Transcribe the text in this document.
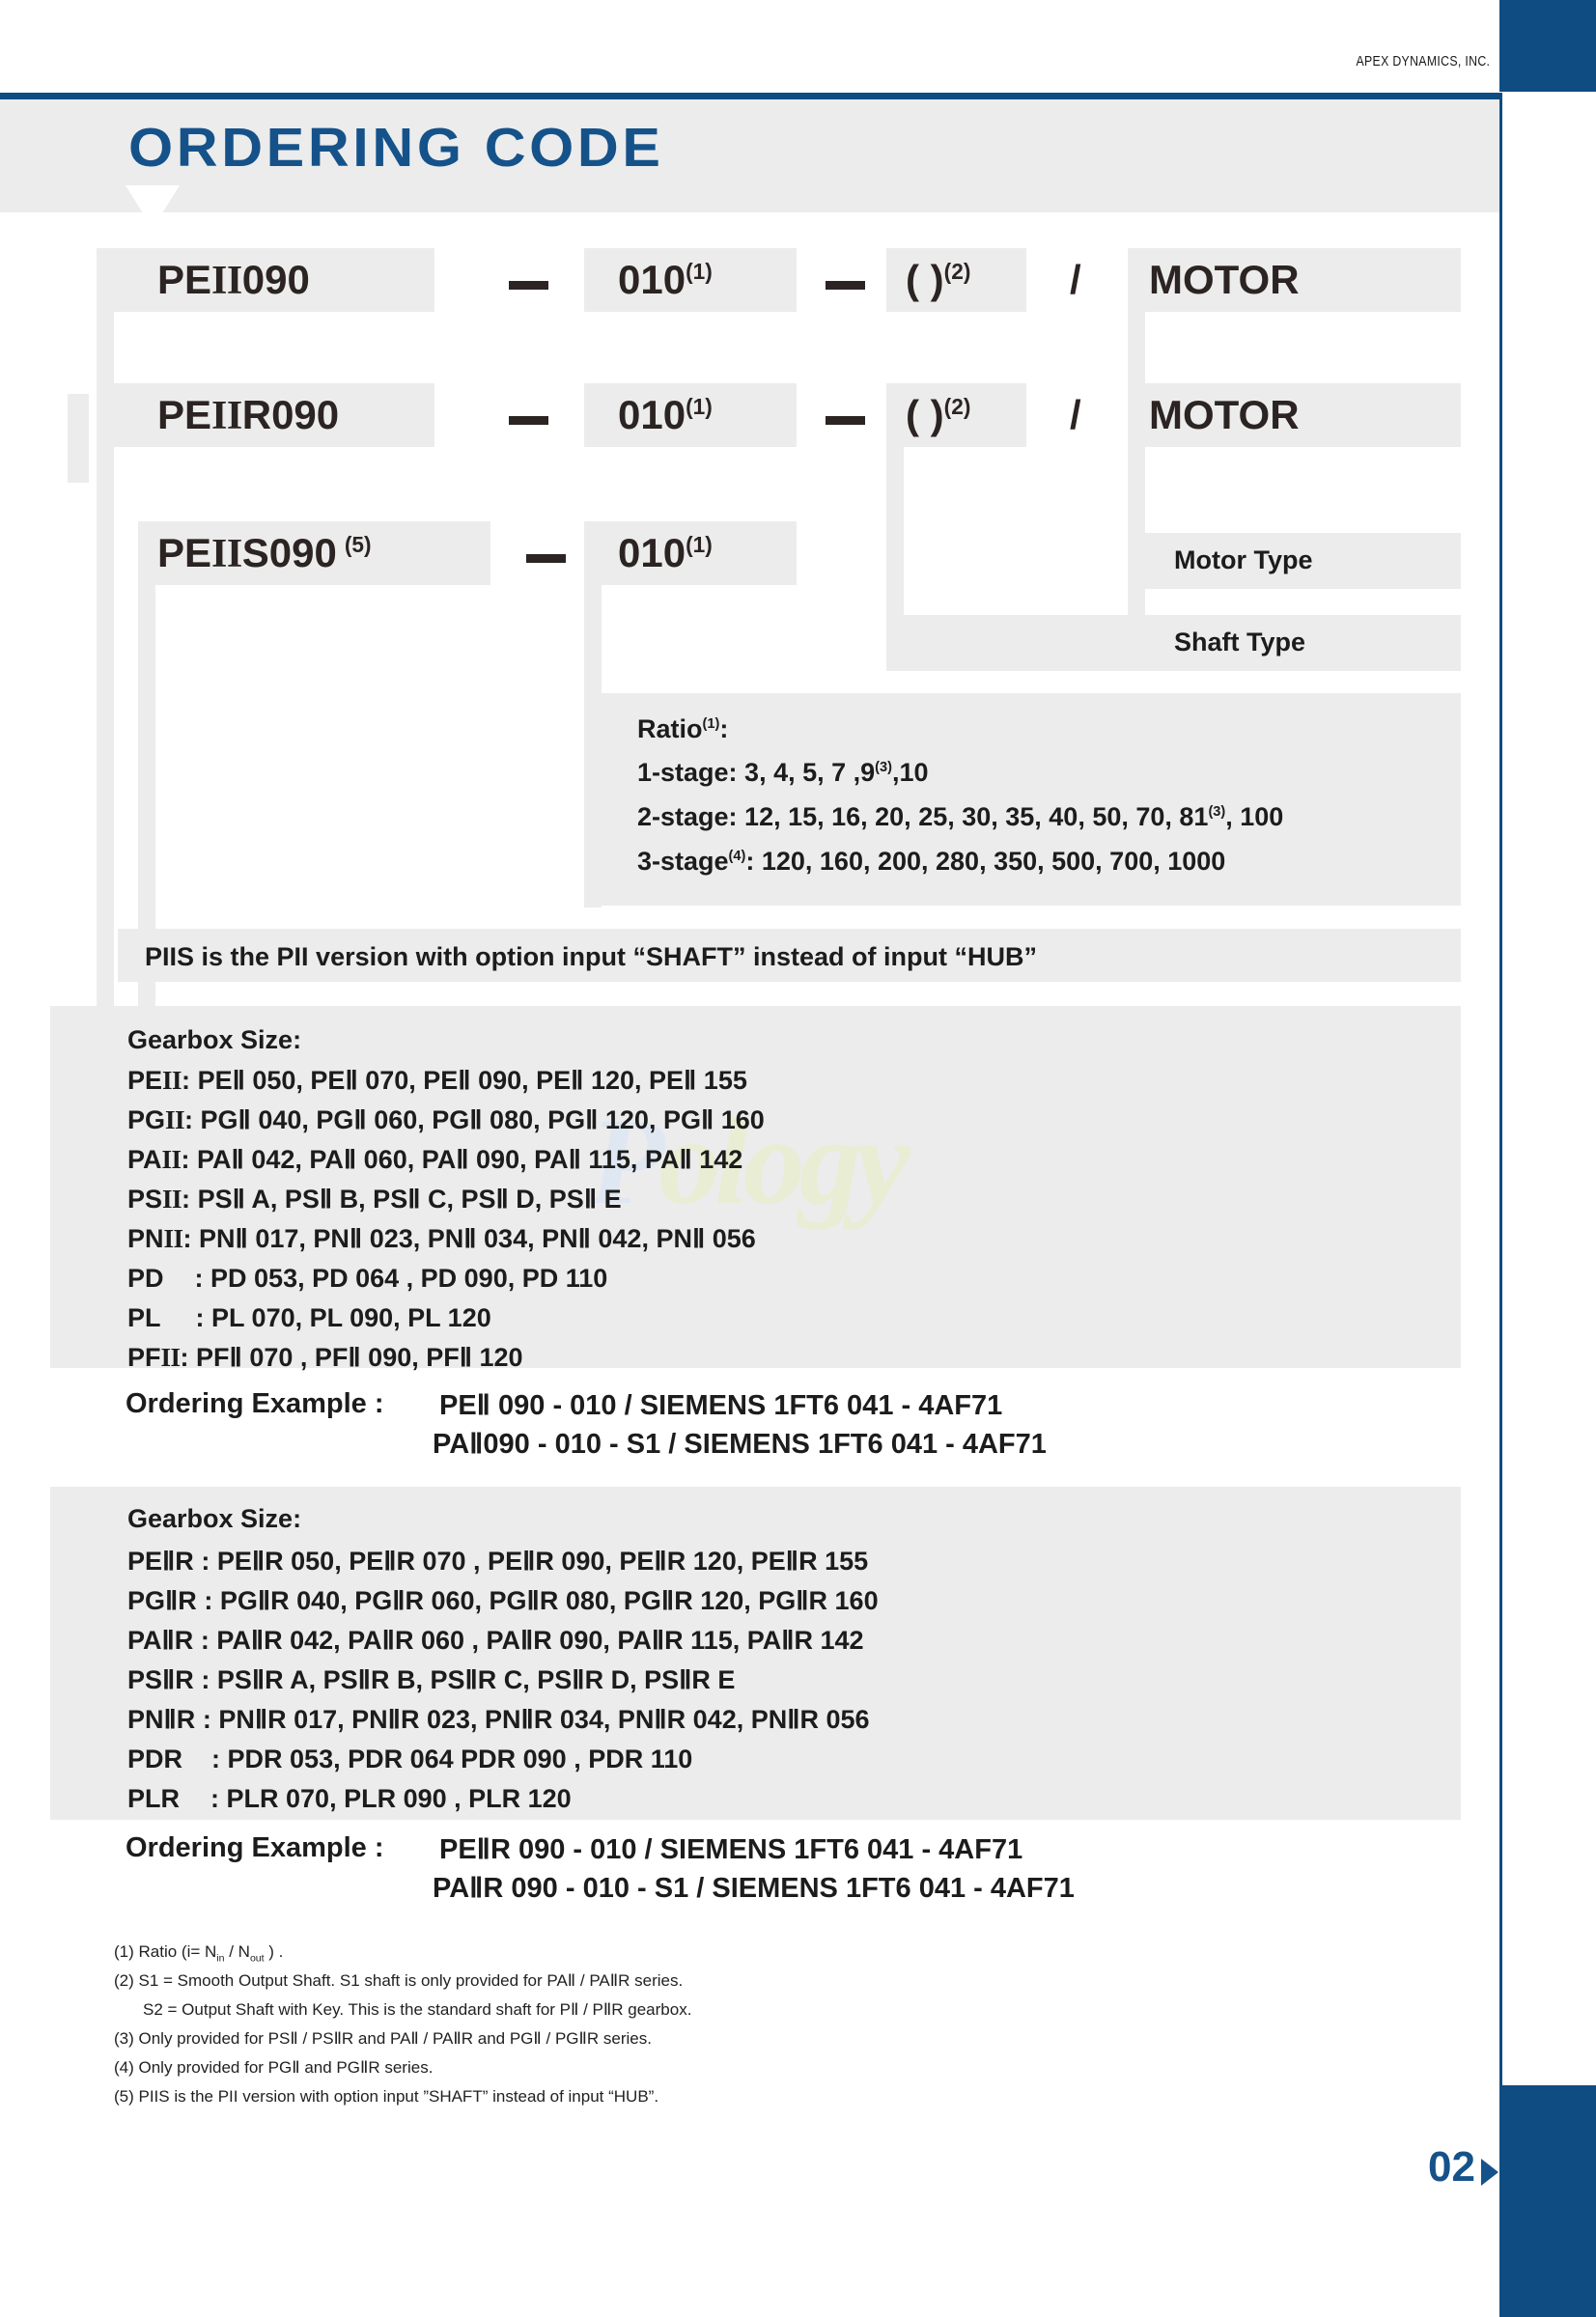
APEX DYNAMICS, INC.
ORDERING CODE
Pology
PEII090	010$^{(1)}$	( )$^{(2)}$ / MOTOR
PEIIR090	010$^{(1)}$	( )$^{(2)}$ / MOTOR
PEIIS090 $^{(5)}$	010$^{(1)}$
Motor Type
Shaft Type
Ratio$^{(1)}$:
1-stage: 3, 4, 5, 7 ,9$^{(3)}$,10
2-stage: 12, 15, 16, 20, 25, 30, 35, 40, 50, 70, 81$^{(3)}$, 100
3-stage$^{(4)}$: 120, 160, 200, 280, 350, 500, 700, 1000
PIIS is the PII version with option input “SHAFT” instead of input “HUB”
Gearbox Size:
PEII: PEⅡ 050, PEⅡ 070, PEⅡ 090, PEⅡ 120, PEⅡ 155
PGII: PGⅡ 040, PGⅡ 060, PGⅡ 080, PGⅡ 120, PGⅡ 160
PAII: PAⅡ 042, PAⅡ 060, PAⅡ 090, PAⅡ 115, PAⅡ 142
PSII: PSⅡ A, PSⅡ B, PSⅡ C, PSⅡ D, PSⅡ E
PNII: PNⅡ 017, PNⅡ 023, PNⅡ 034, PNⅡ 042, PNⅡ 056
PD : PD 053, PD 064 , PD 090, PD 110
PL : PL 070, PL 090, PL 120
PFII: PFⅡ 070 , PFⅡ 090, PFⅡ 120
Ordering Example : PEⅡ 090 - 010 / SIEMENS 1FT6 041 - 4AF71
PAⅡ090 - 010 - S1 / SIEMENS 1FT6 041 - 4AF71
Gearbox Size:
PEⅡR : PEⅡR 050, PEⅡR 070 , PEⅡR 090, PEⅡR 120, PEⅡR 155
PGⅡR : PGⅡR 040, PGⅡR 060, PGⅡR 080, PGⅡR 120, PGⅡR 160
PAⅡR : PAⅡR 042, PAⅡR 060 , PAⅡR 090, PAⅡR 115, PAⅡR 142
PSⅡR : PSⅡR A, PSⅡR B, PSⅡR C, PSⅡR D, PSⅡR E
PNⅡR : PNⅡR 017, PNⅡR 023, PNⅡR 034, PNⅡR 042, PNⅡR 056
PDR : PDR 053, PDR 064 PDR 090 , PDR 110
PLR : PLR 070, PLR 090 , PLR 120
Ordering Example : PEⅡR 090 - 010 / SIEMENS 1FT6 041 - 4AF71
PAⅡR 090 - 010 - S1 / SIEMENS 1FT6 041 - 4AF71
(1) Ratio ($i= N_{in} / N_{out}$ ) .
(2) S1 = Smooth Output Shaft. S1 shaft is only provided for PAⅡ / PAⅡR series.
S2 = Output Shaft with Key. This is the standard shaft for PⅡ / PⅡR gearbox.
(3) Only provided for PSⅡ / PSⅡR and PAⅡ / PAⅡR and PGⅡ / PGⅡR series.
(4) Only provided for PGⅡ and PGⅡR series.
(5) PIIS is the PII version with option input ”SHAFT” instead of input “HUB”.
02
